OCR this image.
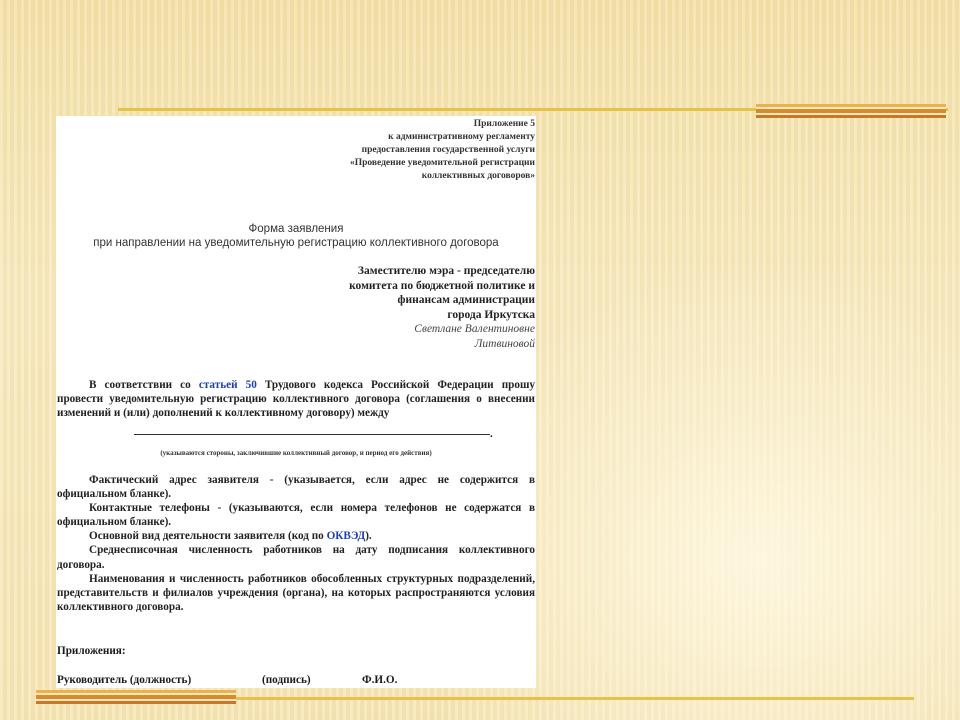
Приложение 5
к административному регламенту
предоставления государственной услуги
«Проведение уведомительной регистрации
коллективных договоров»
Форма заявления
при направлении на уведомительную регистрацию коллективного договора
Заместителю мэра - председателю
комитета по бюджетной политике и
финансам администрации
города Иркутска
Светлане Валентиновне
Литвиновой
В соответствии со статьей 50 Трудового кодекса Российской Федерации прошу провести уведомительную регистрацию коллективного договора (соглашения о внесении изменений и (или) дополнений к коллективному договору) между
.
(указываются стороны, заключившие коллективный договор, и период его действия)

Фактический адрес заявителя - (указывается, если адрес не содержится в официальном бланке).

Контактные телефоны - (указываются, если номера телефонов не содержатся в официальном бланке).

Основной вид деятельности заявителя (код по ОКВЭД).

Среднесписочная численность работников на дату подписания коллективного договора.

Наименования и численность работников обособленных структурных подразделений, представительств и филиалов учреждения (органа), на которых распространяются условия коллективного договора.

Приложения:
Руководитель (должность)	(подпись)	Ф.И.О.
